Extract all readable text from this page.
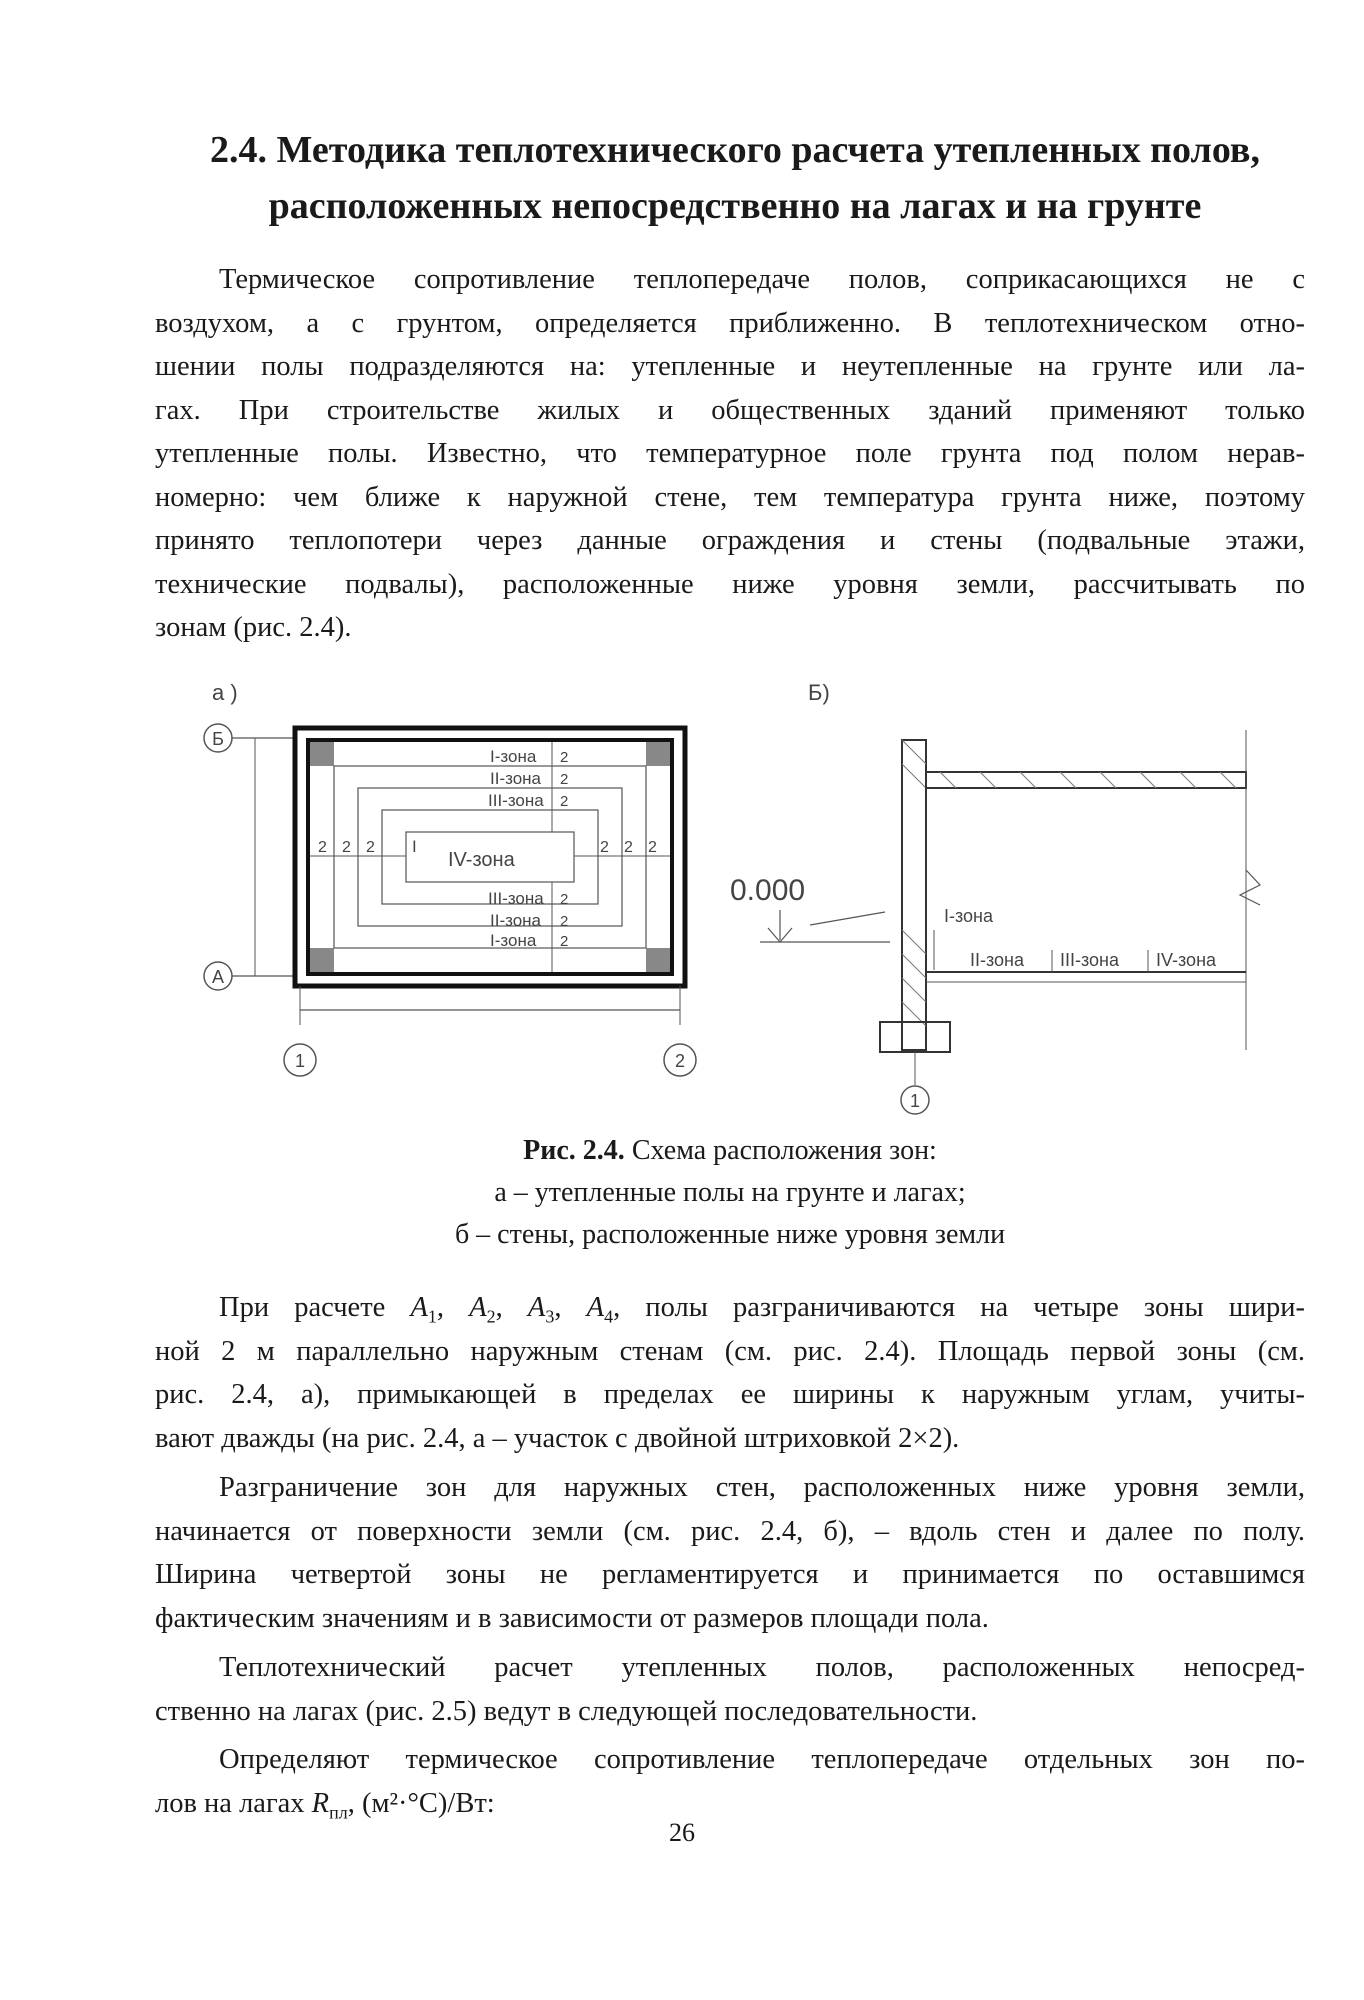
2.4. Методика теплотехнического расчета утепленных полов,
расположенных непосредственно на лагах и на грунте
Термическое сопротивление теплопередаче полов, соприкасающихся не с
воздухом, а с грунтом, определяется приближенно. В теплотехническом отно-
шении полы подразделяются на: утепленные и неутепленные на грунте или ла-
гах. При строительстве жилых и общественных зданий применяют только
утепленные полы. Известно, что температурное поле грунта под полом нерав-
номерно: чем ближе к наружной стене, тем температура грунта ниже, поэтому
принято теплопотери через данные ограждения и стены (подвальные этажи,
технические подвалы), расположенные ниже уровня земли, рассчитывать по
зонам (рис. 2.4).
а )
Б
А
I-зона
II-зона
III-зона
IV-зона
I
III-зона
II-зона
I-зона
2 2 2	2 2 2
2
2
2
2
2
2
1	2
Б)
0.000
1
I-зона
II-зона III-зона IV-зона
Рис. 2.4. Схема расположения зон:
а – утепленные полы на грунте и лагах;
б – стены, расположенные ниже уровня земли
При расчете $A_1$, $A_2$, $A_3$, $A_4$, полы разграничиваются на четыре зоны шири-
ной 2 м параллельно наружным стенам (см. рис. 2.4). Площадь первой зоны (см.
рис. 2.4, а), примыкающей в пределах ее ширины к наружным углам, учиты-
вают дважды (на рис. 2.4, а – участок с двойной штриховкой 2×2).
Разграничение зон для наружных стен, расположенных ниже уровня земли,
начинается от поверхности земли (см. рис. 2.4, б), – вдоль стен и далее по полу.
Ширина четвертой зоны не регламентируется и принимается по оставшимся
фактическим значениям и в зависимости от размеров площади пола.
Теплотехнический расчет утепленных полов, расположенных непосред-
ственно на лагах (рис. 2.5) ведут в следующей последовательности.
Определяют термическое сопротивление теплопередаче отдельных зон по-
лов на лагах $R_{пл}$, (м²·°С)/Вт:
26
